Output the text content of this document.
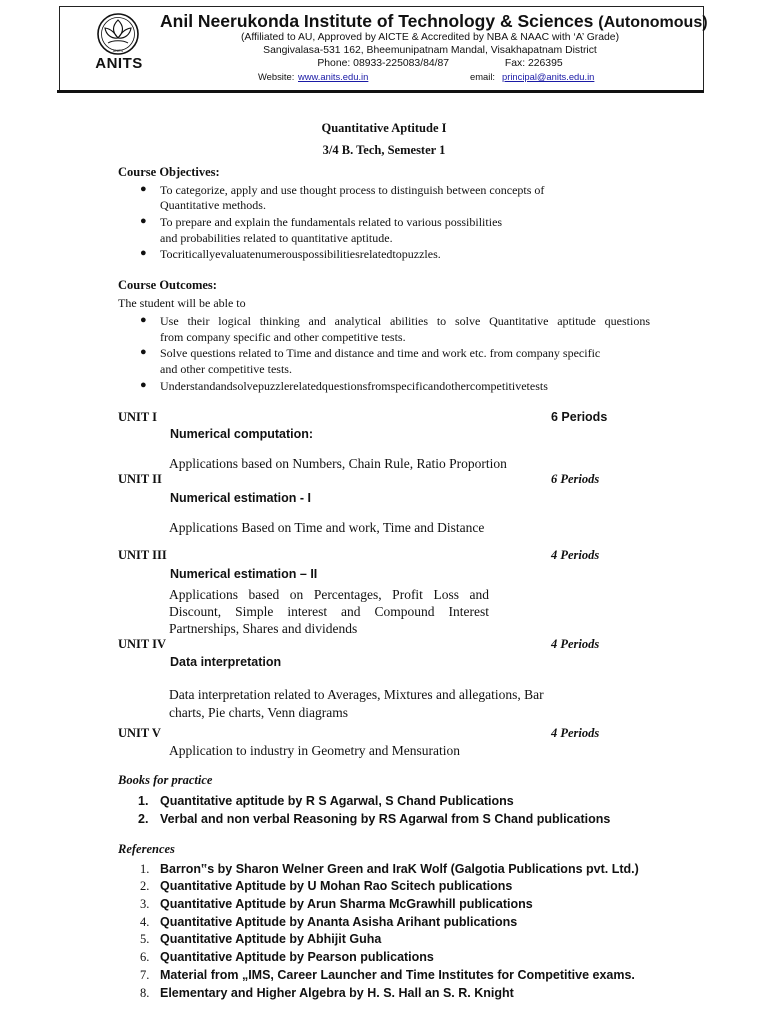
ANITS
ANITS
Anil Neerukonda Institute of Technology & Sciences (Autonomous)
(Affiliated to AU, Approved by AICTE & Accredited by NBA & NAAC with ‘A’ Grade)
Sangivalasa-531 162, Bheemunipatnam Mandal, Visakhapatnam District
Phone: 08933-225083/84/87	Fax: 226395
Website: www.anits.edu.in	email: principal@anits.edu.in
Quantitative Aptitude I
3/4 B. Tech, Semester 1
Course Objectives:
● To categorize, apply and use thought process to distinguish between concepts of
Quantitative methods.
● To prepare and explain the fundamentals related to various possibilities
and probabilities related to quantitative aptitude.
● Tocriticallyevaluatenumerouspossibilitiesrelatedtopuzzles.
Course Outcomes:
The student will be able to
● Use their logical thinking and analytical abilities to solve Quantitative aptitude questions
from company specific and other competitive tests.
● Solve questions related to Time and distance and time and work etc. from company specific
and other competitive tests.
● Understandandsolvepuzzlerelatedquestionsfromspecificandothercompetitivetests
UNIT I	6 Periods
Numerical computation:
Applications based on Numbers, Chain Rule, Ratio Proportion
UNIT II	6 Periods
Numerical estimation - I
Applications Based on Time and work, Time and Distance
UNIT III	4 Periods
Numerical estimation – II
Applications based on Percentages, Profit Loss and
Discount, Simple interest and Compound Interest
Partnerships, Shares and dividends
UNIT IV	4 Periods
Data interpretation
Data interpretation related to Averages, Mixtures and allegations, Bar
charts, Pie charts, Venn diagrams
UNIT V	4 Periods
Application to industry in Geometry and Mensuration
Books for practice
1. Quantitative aptitude by R S Agarwal, S Chand Publications
2. Verbal and non verbal Reasoning by RS Agarwal from S Chand publications
References
1. Barron‟s by Sharon Welner Green and IraK Wolf (Galgotia Publications pvt. Ltd.)
2. Quantitative Aptitude by U Mohan Rao Scitech publications
3. Quantitative Aptitude by Arun Sharma McGrawhill publications
4. Quantitative Aptitude by Ananta Asisha Arihant publications
5. Quantitative Aptitude by Abhijit Guha
6. Quantitative Aptitude by Pearson publications
7. Material from „IMS, Career Launcher and Time Institutes for Competitive exams.
8. Elementary and Higher Algebra by H. S. Hall an S. R. Knight
